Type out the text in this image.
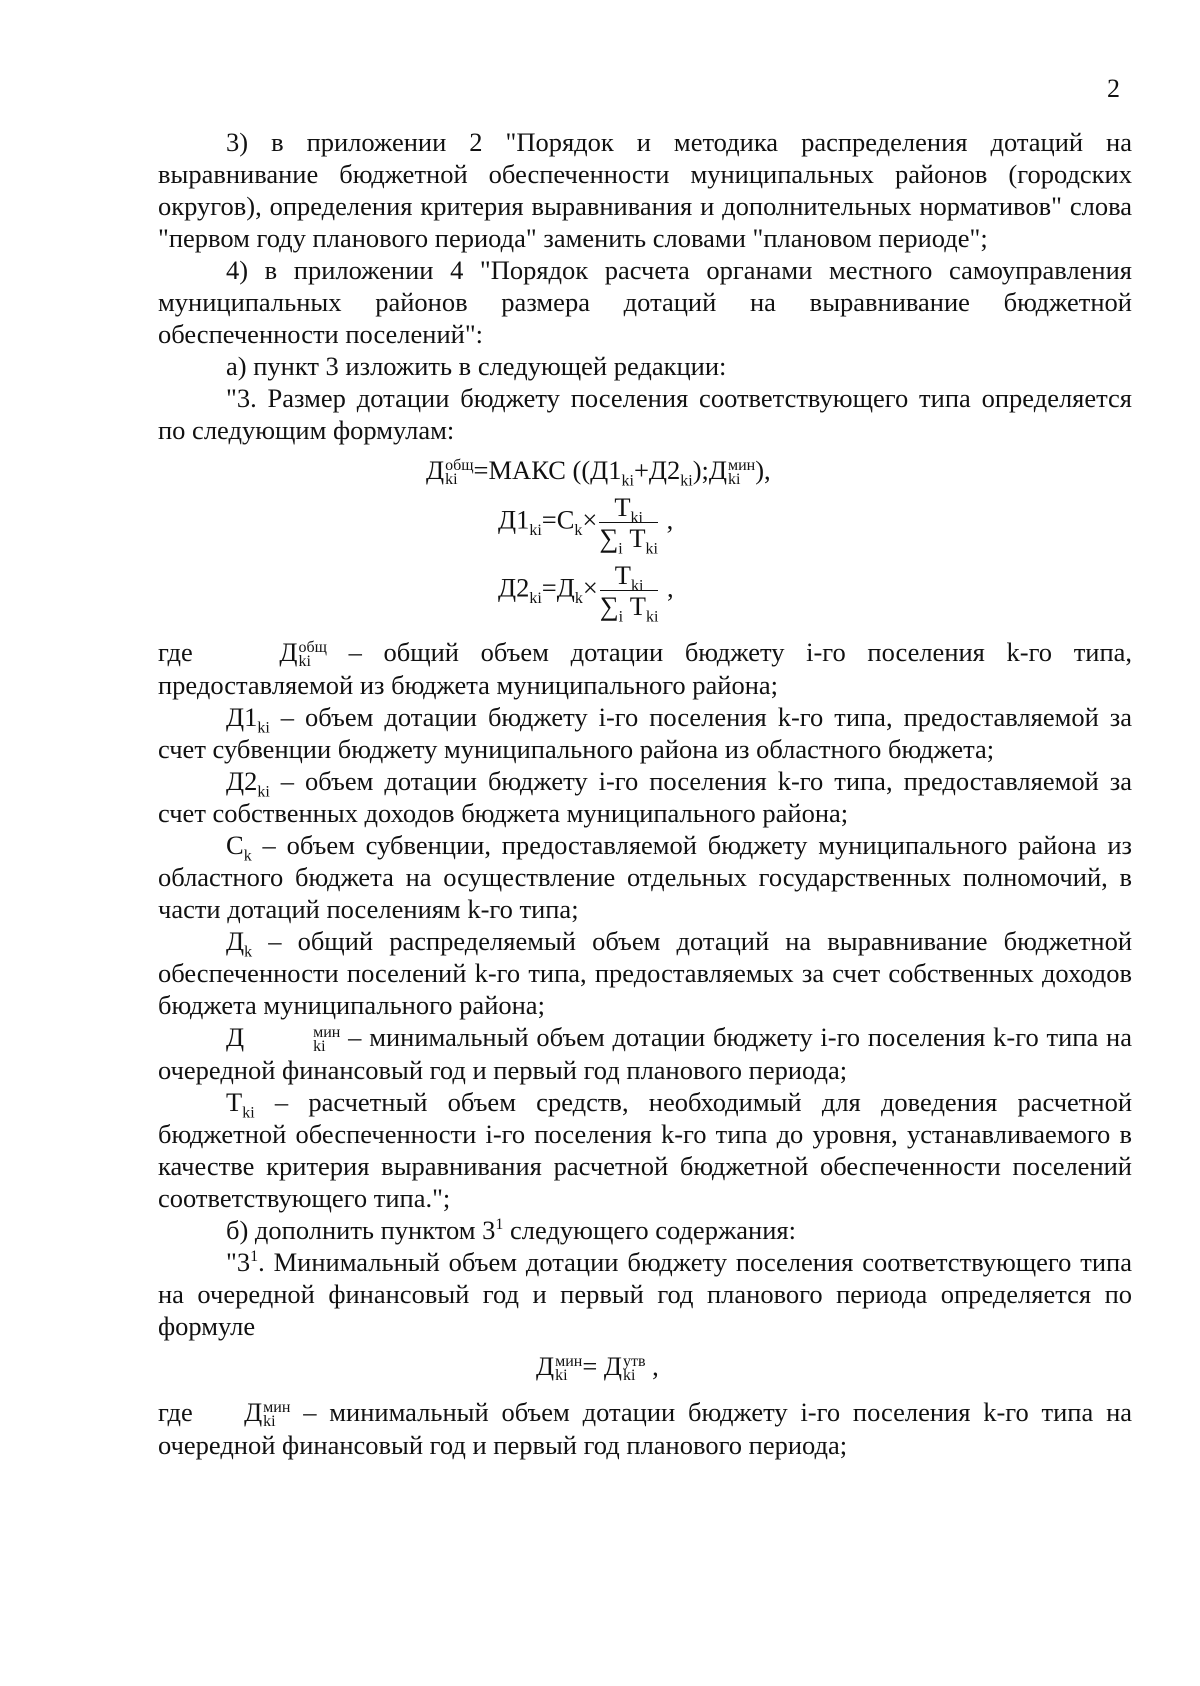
2

3) в приложении 2 "Порядок и методика распределения дотаций на выравнивание бюджетной обеспеченности муниципальных районов (городских округов), определения критерия выравнивания и дополнительных нормативов" слова "первом году планового периода" заменить словами "плановом периоде";

4) в приложении 4 "Порядок расчета органами местного самоуправления муниципальных районов размера дотаций на выравнивание бюджетной обеспеченности поселений":

а) пункт 3 изложить в следующей редакции:

"3. Размер дотации бюджету поселения соответствующего типа определяется по следующим формулам:

Д общ
ki =МАКС ($(Д1_{ki}+Д2_{ki});Д$ мин
ki ),
$Д1_{ki}=С_k\times Т_{ki}$
$\sum_i$ $Т_{ki}$
,
$Д2_{ki}=Д_k\times Т_{ki}$
$\sum_i$ $Т_{ki}$
,

где	Д общ
ki	– общий объем дотации бюджету i-го поселения k-го типа, предоставляемой из бюджета муниципального района;

$Д1_{ki}$ – объем дотации бюджету i-го поселения k-го типа, предоставляемой за счет субвенции бюджету муниципального района из областного бюджета;

$Д2_{ki}$ – объем дотации бюджету i-го поселения k-го типа, предоставляемой за счет собственных доходов бюджета муниципального района;

$С_k$ – объем субвенции, предоставляемой бюджету муниципального района из областного бюджета на осуществление отдельных государственных полномочий, в части дотаций поселениям k-го типа;

$Д_k$ – общий распределяемый объем дотаций на выравнивание бюджетной обеспеченности поселений k-го типа, предоставляемых за счет собственных доходов бюджета муниципального района;

Д	мин
ki – минимальный объем дотации бюджету i-го поселения k-го типа на очередной финансовый год и первый год планового периода;

$Т_{ki}$ – расчетный объем средств, необходимый для доведения расчетной бюджетной обеспеченности i-го поселения k-го типа до уровня, устанавливаемого в качестве критерия выравнивания расчетной бюджетной обеспеченности поселений соответствующего типа.";

б) дополнить пунктом $3^1$ следующего содержания:

"$3^1$. Минимальный объем дотации бюджету поселения соответствующего типа на очередной финансовый год и первый год планового периода определяется по формуле

Д мин
ki = Д утв
ki ,

где Д мин
ki	– минимальный объем дотации бюджету i-го поселения k-го типа на очередной финансовый год и первый год планового периода;
